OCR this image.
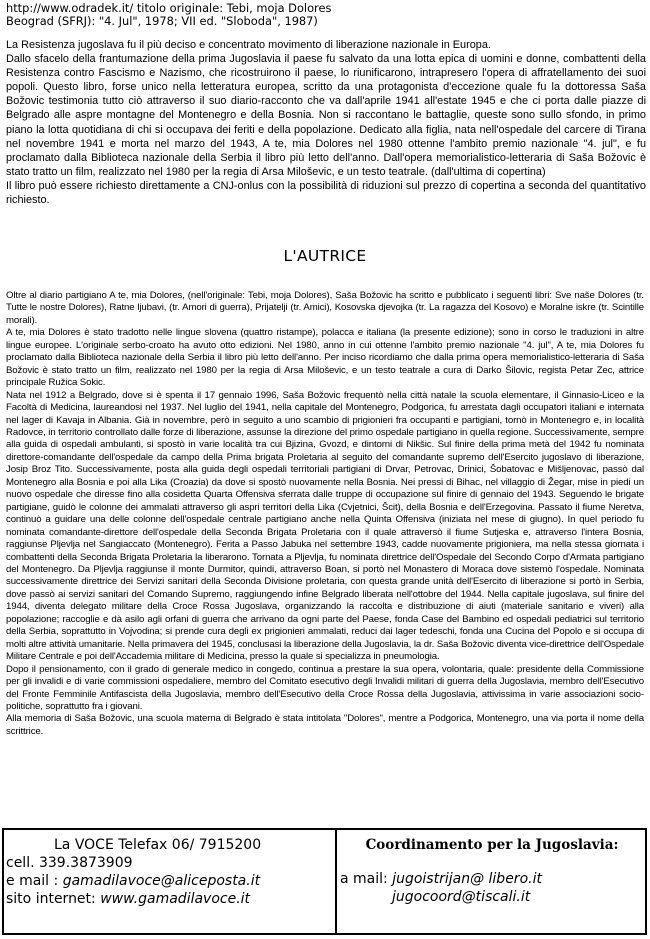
http://www.odradek.it/ titolo originale: Tebi, moja Dolores
Beograd (SFRJ): "4. Jul", 1978; VII ed. "Sloboda", 1987)

La Resistenza jugoslava fu il più deciso e concentrato movimento di liberazione nazionale in Europa.

Dallo sfacelo della frantumazione della prima Jugoslavia il paese fu salvato da una lotta epica di uomini e donne, combattenti della Resistenza contro Fascismo e Nazismo, che ricostruirono il paese, lo riunificarono, intrapresero l'opera di affratellamento dei suoi popoli. Questo libro, forse unico nella letteratura europea, scritto da una protagonista d'eccezione quale fu la dottoressa Saša Božovic testimonia tutto ciò attraverso il suo diario-racconto che va dall'aprile 1941 all'estate 1945 e che ci porta dalle piazze di Belgrado alle aspre montagne del Montenegro e della Bosnia. Non si raccontano le battaglie, queste sono sullo sfondo, in primo piano la lotta quotidiana di chi si occupava dei feriti e della popolazione. Dedicato alla figlia, nata nell'ospedale del carcere di Tirana nel novembre 1941 e morta nel marzo del 1943, A te, mia Dolores nel 1980 ottenne l'ambito premio nazionale "4. jul", e fu proclamato dalla Biblioteca nazionale della Serbia il libro più letto dell'anno. Dall'opera memorialistico-letteraria di Saša Božovic è stato tratto un film, realizzato nel 1980 per la regia di Arsa Miloševic, e un testo teatrale. (dall'ultima di copertina)

Il libro può essere richiesto direttamente a CNJ-onlus con la possibilità di riduzioni sul prezzo di copertina a seconda del quantitativo richiesto.

L'AUTRICE

Oltre al diario partigiano A te, mia Dolores, (nell'originale: Tebi, moja Dolores), Saša Božovic ha scritto e pubblicato i seguenti libri: Sve naše Dolores (tr. Tutte le nostre Dolores), Ratne ljubavi, (tr. Amori di guerra), Prijatelji (tr. Amici), Kosovska djevojka (tr. La ragazza del Kosovo) e Moralne iskre (tr. Scintille morali).

A te, mia Dolores è stato tradotto nelle lingue slovena (quattro ristampe), polacca e italiana (la presente edizione); sono in corso le traduzioni in altre lingue europee. L'originale serbo-croato ha avuto otto edizioni. Nel 1980, anno in cui ottenne l'ambito premio nazionale "4. jul", A te, mia Dolores fu proclamato dalla Biblioteca nazionale della Serbia il libro più letto dell'anno. Per inciso ricordiamo che dalla prima opera memorialistico-letteraria di Saša Božovic è stato tratto un film, realizzato nel 1980 per la regia di Arsa Miloševic, e un testo teatrale a cura di Darko Šilovic, regista Petar Zec, attrice principale Ružica Sokic.

Nata nel 1912 a Belgrado, dove si è spenta il 17 gennaio 1996, Saša Božovic frequentò nella città natale la scuola elementare, il Ginnasio-Liceo e la Facoltà di Medicina, laureandosi nel 1937. Nel luglio del 1941, nella capitale del Montenegro, Podgorica, fu arrestata dagli occupatori italiani e internata nel lager di Kavaja in Albania. Già in novembre, però in seguito a uno scambio di prigionieri fra occupanti e partigiani, tornò in Montenegro e, in località Radovce, in territorio controllato dalle forze di liberazione, assunse la direzione del primo ospedale partigiano in quella regione. Successivamente, sempre alla guida di ospedali ambulanti, si spostò in varie località tra cui Bjizina, Gvozd, e dintorni di Nikšic. Sul finire della prima metà del 1942 fu nominata direttore-comandante dell'ospedale da campo della Prima brigata Proletaria al seguito del comandante supremo dell'Esercito jugoslavo di liberazione, Josip Broz Tito. Successivamente, posta alla guida degli ospedali territoriali partigiani di Drvar, Petrovac, Drinici, Šobatovac e Mišljenovac, passò dal Montenegro alla Bosnia e poi alla Lika (Croazia) da dove si spostò nuovamente nella Bosnia. Nei pressi di Bihac, nel villaggio di Žegar, mise in piedi un nuovo ospedale che diresse fino alla cosidetta Quarta Offensiva sferrata dalle truppe di occupazione sul finire di gennaio del 1943. Seguendo le brigate partigiane, guidò le colonne dei ammalati attraverso gli aspri territori della Lika (Cvjetnici, Šcit), della Bosnia e dell'Erzegovina. Passato il fiume Neretva, continuò a guidare una delle colonne dell'ospedale centrale partigiano anche nella Quinta Offensiva (iniziata nel mese di giugno). In quel periodo fu nominata comandante-direttore dell'ospedale della Seconda Brigata Proletaria con il quale attraversò il fiume Sutjeska e, attraverso l'intera Bosnia, raggiunse Pljevlja nel Sangiaccato (Montenegro). Ferita a Passo Jabuka nel settembre 1943, cadde nuovamente prigioniera, ma nella stessa giornata i combattenti della Seconda Brigata Proletaria la liberarono. Tornata a Pljevlja, fu nominata direttrice dell'Ospedale del Secondo Corpo d'Armata partigiano del Montenegro. Da Pljevlja raggiunse il monte Durmitor, quindi, attraverso Boan, si portò nel Monastero di Moraca dove sistemò l'ospedale. Nominata successivamente direttrice dei Servizi sanitari della Seconda Divisione proletaria, con questa grande unità dell'Esercito di liberazione si portò in Serbia, dove passò ai servizi sanitari del Comando Supremo, raggiungendo infine Belgrado liberata nell'ottobre del 1944. Nella capitale jugoslava, sul finire del 1944, diventa delegato militare della Croce Rossa Jugoslava, organizzando la raccolta e distribuzione di aiuti (materiale sanitario e viveri) alla popolazione; raccoglie e dà asilo agli orfani di guerra che arrivano da ogni parte del Paese, fonda Case del Bambino ed ospedali pediatrici sul territorio della Serbia, soprattutto in Vojvodina; si prende cura degli ex prigionieri ammalati, reduci dai lager tedeschi, fonda una Cucina del Popolo e si occupa di molti altre attività umanitarie. Nella primavera del 1945, conclusasi la liberazione della Jugoslavia, la dr. Saša Božovic diventa vice-direttrice dell'Ospedale Militare Centrale e poi dell'Accademia militare di Medicina, presso la quale si specializza in pneumologia.

Dopo il pensionamento, con il grado di generale medico in congedo, continua a prestare la sua opera, volontaria, quale: presidente della Commissione per gli invalidi e di varie commissioni ospedaliere, membro del Comitato esecutivo degli Invalidi militari di guerra della Jugoslavia, membro dell'Esecutivo del Fronte Femminile Antifascista della Jugoslavia, membro dell'Esecutivo della Croce Rossa della Jugoslavia, attivissima in varie associazioni socio-politiche, soprattutto fra i giovani.

Alla memoria di Saša Božovic, una scuola materna di Belgrado è stata intitolata "Dolores", mentre a Podgorica, Montenegro, una via porta il nome della scrittrice.

La VOCE Telefax 06/ 7915200
cell. 339.3873909
e mail : gamadilavoce@aliceposta.it
sito internet: www.gamadilavoce.it
Coordinamento per la Jugoslavia:
a mail: jugoistrijan@ libero.it
jugocoord@tiscali.it
